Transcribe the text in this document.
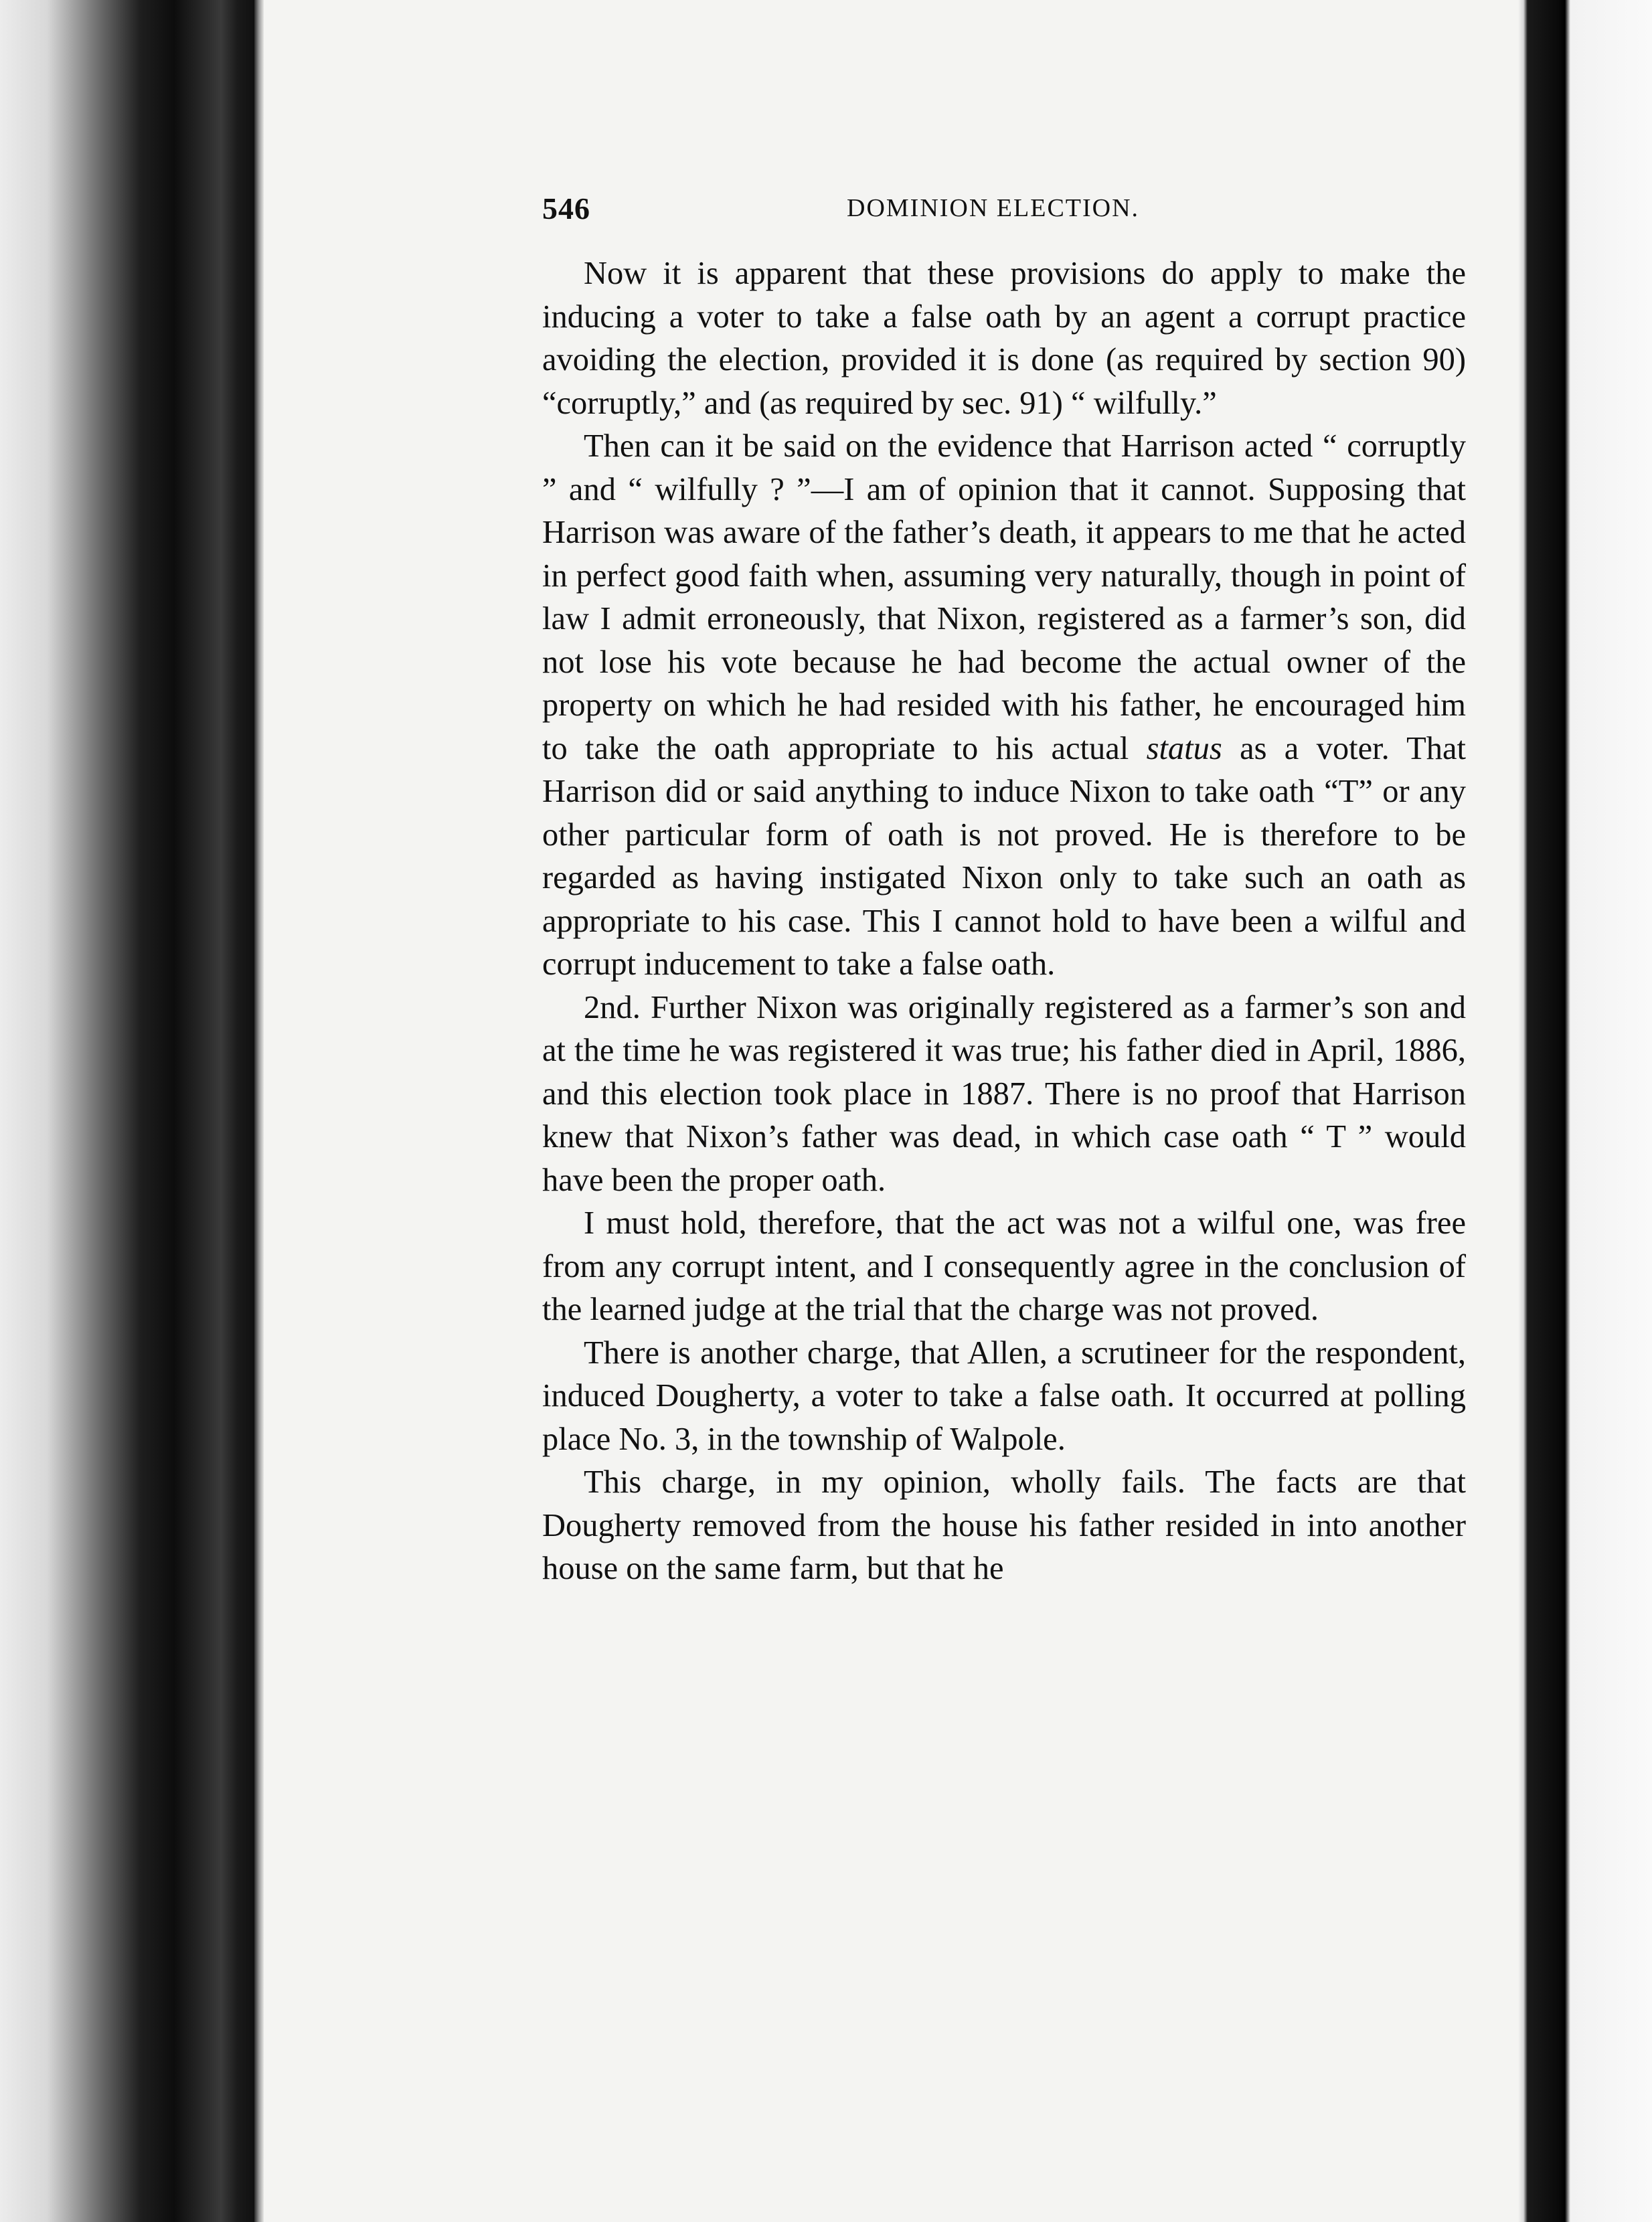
546	DOMINION ELECTION.

Now it is apparent that these provisions do apply to make the inducing a voter to take a false oath by an agent a corrupt practice avoiding the election, provided it is done (as required by section 90) “corruptly,” and (as required by sec. 91) “ wilfully.”

Then can it be said on the evidence that Harrison acted “ corruptly ” and “ wilfully ? ”—I am of opinion that it cannot. Supposing that Harrison was aware of the father’s death, it appears to me that he acted in perfect good faith when, assuming very naturally, though in point of law I admit erroneously, that Nixon, registered as a farmer’s son, did not lose his vote because he had become the actual owner of the property on which he had resided with his father, he encouraged him to take the oath appropriate to his actual status as a voter. That Harrison did or said anything to induce Nixon to take oath “T” or any other particular form of oath is not proved. He is therefore to be regarded as having instigated Nixon only to take such an oath as appropriate to his case. This I cannot hold to have been a wilful and corrupt inducement to take a false oath.

2nd. Further Nixon was originally registered as a farmer’s son and at the time he was registered it was true; his father died in April, 1886, and this election took place in 1887. There is no proof that Harrison knew that Nixon’s father was dead, in which case oath “ T ” would have been the proper oath.

I must hold, therefore, that the act was not a wilful one, was free from any corrupt intent, and I consequently agree in the conclusion of the learned judge at the trial that the charge was not proved.

There is another charge, that Allen, a scrutineer for the respondent, induced Dougherty, a voter to take a false oath. It occurred at polling place No. 3, in the township of Walpole.

This charge, in my opinion, wholly fails. The facts are that Dougherty removed from the house his father resided in into another house on the same farm, but that he
